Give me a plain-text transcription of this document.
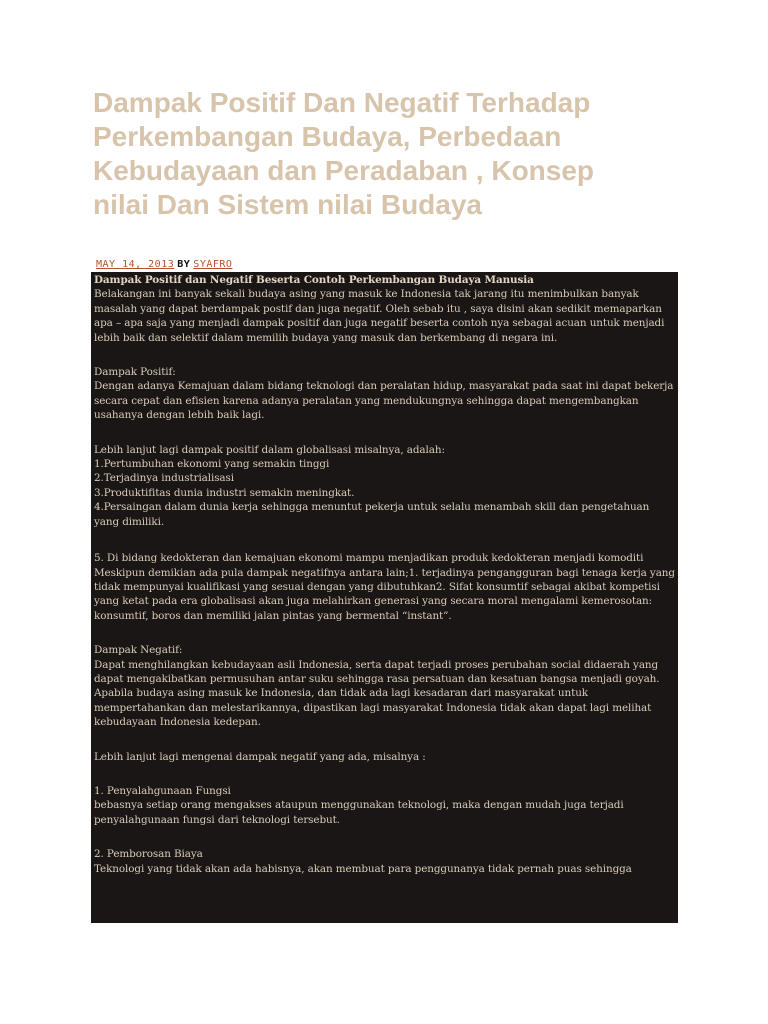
Dampak Positif Dan Negatif Terhadap Perkembangan Budaya, Perbedaan Kebudayaan dan Peradaban , Konsep nilai Dan Sistem nilai Budaya
MAY 14, 2013 BY SYAFRO

Dampak Positif dan Negatif Beserta Contoh Perkembangan Budaya Manusia

Belakangan ini banyak sekali budaya asing yang masuk ke Indonesia tak jarang itu menimbulkan banyak masalah yang dapat berdampak postif dan juga negatif. Oleh sebab itu , saya disini akan sedikit memaparkan apa – apa saja yang menjadi dampak positif dan juga negatif beserta contoh nya sebagai acuan untuk menjadi lebih baik dan selektif dalam memilih budaya yang masuk dan berkembang di negara ini.

Dampak Positif:

Dengan adanya Kemajuan dalam bidang teknologi dan peralatan hidup, masyarakat pada saat ini dapat bekerja secara cepat dan efisien karena adanya peralatan yang mendukungnya sehingga dapat mengembangkan usahanya dengan lebih baik lagi.

Lebih lanjut lagi dampak positif dalam globalisasi misalnya, adalah:

1.Pertumbuhan ekonomi yang semakin tinggi

2.Terjadinya industrialisasi

3.Produktifitas dunia industri semakin meningkat.

4.Persaingan dalam dunia kerja sehingga menuntut pekerja untuk selalu menambah skill dan pengetahuan yang dimiliki.

5. Di bidang kedokteran dan kemajuan ekonomi mampu menjadikan produk kedokteran menjadi komoditi Meskipun demikian ada pula dampak negatifnya antara lain;1. terjadinya pengangguran bagi tenaga kerja yang tidak mempunyai kualifikasi yang sesuai dengan yang dibutuhkan2. Sifat konsumtif sebagai akibat kompetisi yang ketat pada era globalisasi akan juga melahirkan generasi yang secara moral mengalami kemerosotan: konsumtif, boros dan memiliki jalan pintas yang bermental “instant”.

Dampak Negatif:

Dapat menghilangkan kebudayaan asli Indonesia, serta dapat terjadi proses perubahan social didaerah yang dapat mengakibatkan permusuhan antar suku sehingga rasa persatuan dan kesatuan bangsa menjadi goyah.

Apabila budaya asing masuk ke Indonesia, dan tidak ada lagi kesadaran dari masyarakat untuk mempertahankan dan melestarikannya, dipastikan lagi masyarakat Indonesia tidak akan dapat lagi melihat kebudayaan Indonesia kedepan.

Lebih lanjut lagi mengenai dampak negatif yang ada, misalnya :

1. Penyalahgunaan Fungsi

bebasnya setiap orang mengakses ataupun menggunakan teknologi, maka dengan mudah juga terjadi penyalahgunaan fungsi dari teknologi tersebut.

2. Pemborosan Biaya

Teknologi yang tidak akan ada habisnya, akan membuat para penggunanya tidak pernah puas sehingga
